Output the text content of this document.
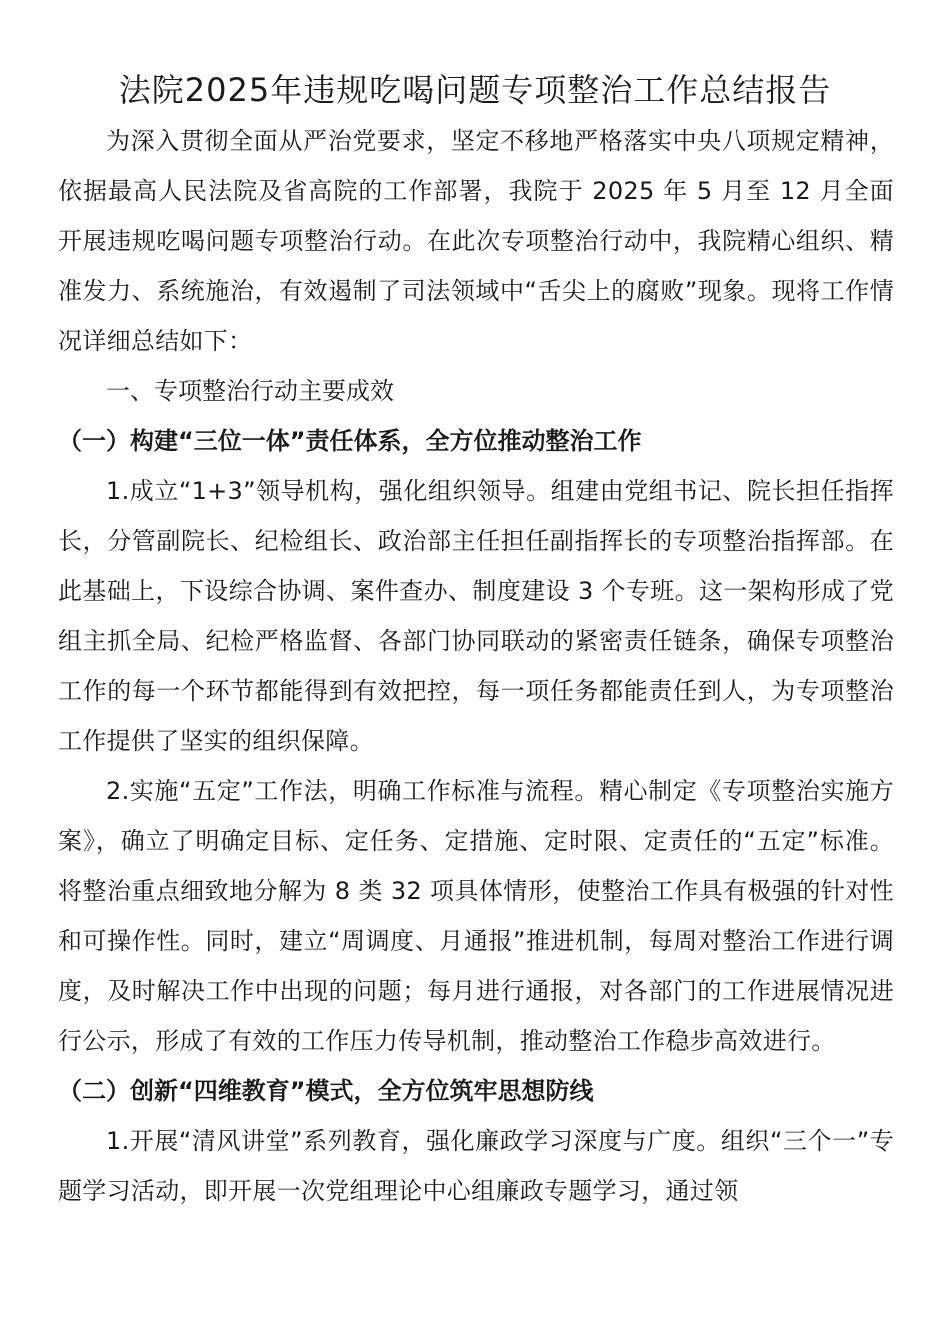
法院2025年违规吃喝问题专项整治工作总结报告

为深入贯彻全面从严治党要求，坚定不移地严格落实中央八项规定精神，依据最高人民法院及省高院的工作部署，我院于 2025 年 5 月至 12 月全面开展违规吃喝问题专项整治行动。在此次专项整治行动中，我院精心组织、精准发力、系统施治，有效遏制了司法领域中“舌尖上的腐败”现象。现将工作情况详细总结如下：

一、专项整治行动主要成效

（一）构建“三位一体”责任体系，全方位推动整治工作

1.成立“1+3”领导机构，强化组织领导。组建由党组书记、院长担任指挥长，分管副院长、纪检组长、政治部主任担任副指挥长的专项整治指挥部。在此基础上，下设综合协调、案件查办、制度建设 3 个专班。这一架构形成了党组主抓全局、纪检严格监督、各部门协同联动的紧密责任链条，确保专项整治工作的每一个环节都能得到有效把控，每一项任务都能责任到人，为专项整治工作提供了坚实的组织保障。

2.实施“五定”工作法，明确工作标准与流程。精心制定《专项整治实施方案》，确立了明确定目标、定任务、定措施、定时限、定责任的“五定”标准。将整治重点细致地分解为 8 类 32 项具体情形，使整治工作具有极强的针对性和可操作性。同时，建立“周调度、月通报”推进机制，每周对整治工作进行调度，及时解决工作中出现的问题；每月进行通报，对各部门的工作进展情况进行公示，形成了有效的工作压力传导机制，推动整治工作稳步高效进行。

（二）创新“四维教育”模式，全方位筑牢思想防线

1.开展“清风讲堂”系列教育，强化廉政学习深度与广度。组织“三个一”专题学习活动，即开展一次党组理论中心组廉政专题学习，通过领
